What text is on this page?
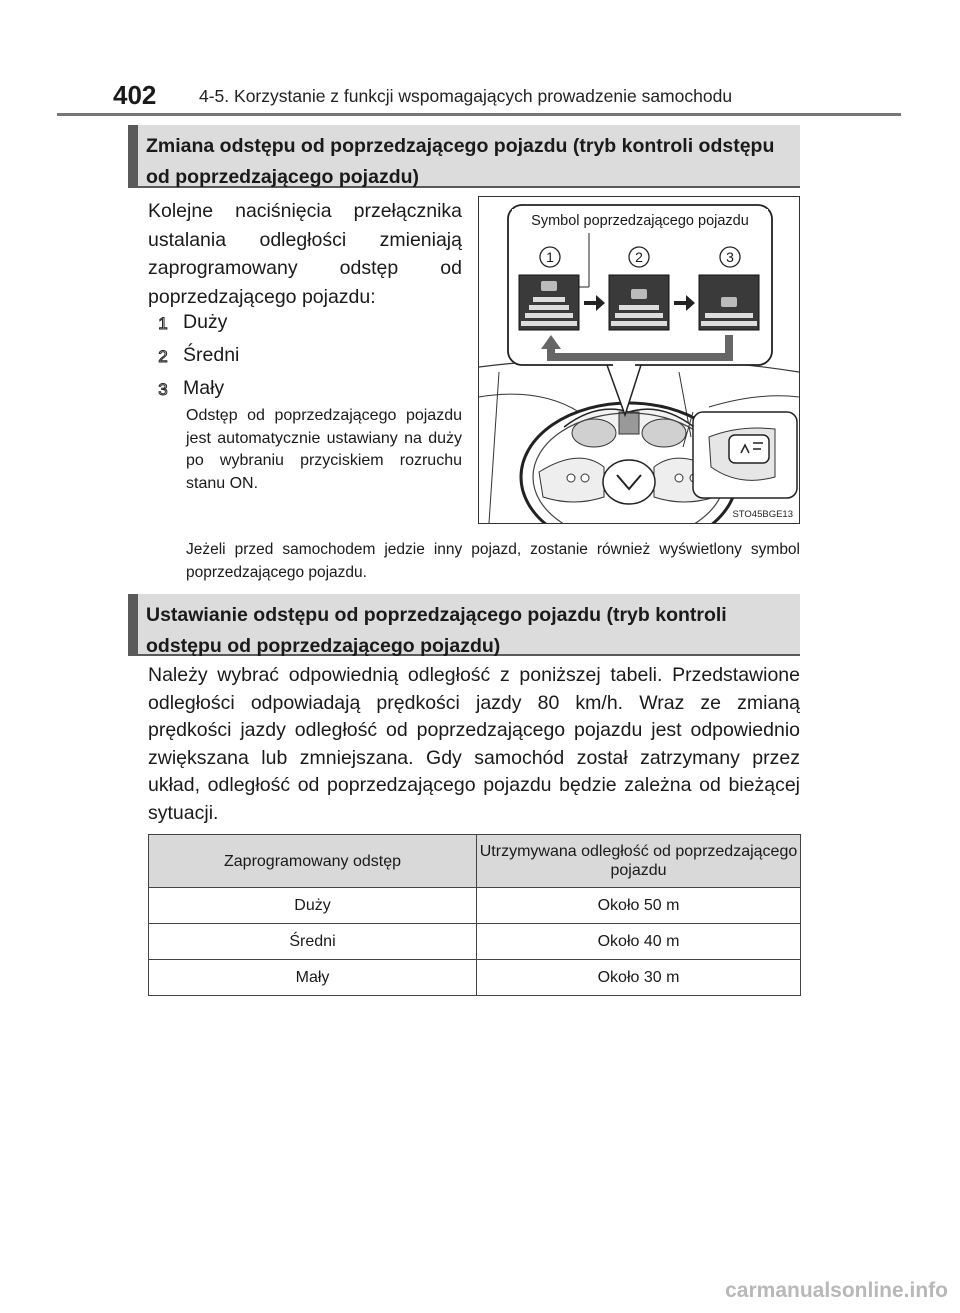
402 4-5. Korzystanie z funkcji wspomagających prowadzenie samochodu
Zmiana odstępu od poprzedzającego pojazdu (tryb kontroli odstępu od poprzedzającego pojazdu)
Kolejne naciśnięcia przełącznika ustalania odległości zmieniają zaprogramowany odstęp od poprzedzającego pojazdu:
1 Duży
2 Średni
3 Mały
Odstęp od poprzedzającego pojazdu jest automatycznie ustawiany na duży po wybraniu przyciskiem rozruchu stanu ON.
Symbol poprzedzającego pojazdu
1	2	3
STO45BGE13
Jeżeli przed samochodem jedzie inny pojazd, zostanie również wyświetlony symbol poprzedzającego pojazdu.
Ustawianie odstępu od poprzedzającego pojazdu (tryb kontroli odstępu od poprzedzającego pojazdu)
Należy wybrać odpowiednią odległość z poniższej tabeli. Przedstawione odległości odpowiadają prędkości jazdy 80 km/h. Wraz ze zmianą prędkości jazdy odległość od poprzedzającego pojazdu jest odpowiednio zwiększana lub zmniejszana. Gdy samochód został zatrzymany przez układ, odległość od poprzedzającego pojazdu będzie zależna od bieżącej sytuacji.
Zaprogramowany odstęp	Utrzymywana odległość od poprzedzającego pojazdu
Duży	Około 50 m
Średni	Około 40 m
Mały	Około 30 m
carmanualsonline.info
